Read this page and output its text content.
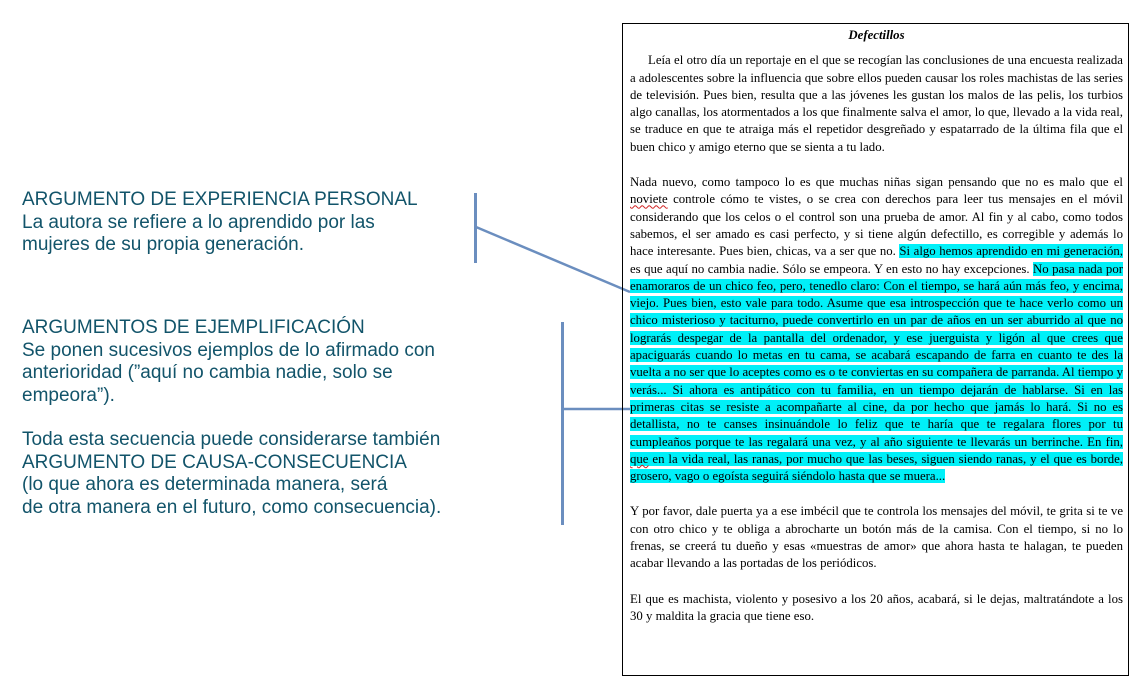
ARGUMENTO DE EXPERIENCIA PERSONAL
La autora se refiere a lo aprendido por las
mujeres de su propia generación.
ARGUMENTOS DE EJEMPLIFICACIÓN
Se ponen sucesivos ejemplos de lo afirmado con
anterioridad (”aquí no cambia nadie, solo se
empeora”).
Toda esta secuencia puede considerarse también
ARGUMENTO DE CAUSA-CONSECUENCIA
(lo que ahora es determinada manera, será
de otra manera en el futuro, como consecuencia).
Defectillos

Leía el otro día un reportaje en el que se recogían las conclusiones de una encuesta realizada a adolescentes sobre la influencia que sobre ellos pueden causar los roles machistas de las series de televisión. Pues bien, resulta que a las jóvenes les gustan los malos de las pelis, los turbios algo canallas, los atormentados a los que finalmente salva el amor, lo que, llevado a la vida real, se traduce en que te atraiga más el repetidor desgreñado y espatarrado de la última fila que el buen chico y amigo eterno que se sienta a tu lado.

Nada nuevo, como tampoco lo es que muchas niñas sigan pensando que no es malo que el noviete controle cómo te vistes, o se crea con derechos para leer tus mensajes en el móvil considerando que los celos o el control son una prueba de amor. Al fin y al cabo, como todos sabemos, el ser amado es casi perfecto, y si tiene algún defectillo, es corregible y además lo hace interesante. Pues bien, chicas, va a ser que no. Si algo hemos aprendido en mi generación, es que aquí no cambia nadie. Sólo se empeora. Y en esto no hay excepciones. No pasa nada por enamoraros de un chico feo, pero, tenedlo claro: Con el tiempo, se hará aún más feo, y encima, viejo. Pues bien, esto vale para todo. Asume que esa introspección que te hace verlo como un chico misterioso y taciturno, puede convertirlo en un par de años en un ser aburrido al que no lograrás despegar de la pantalla del ordenador, y ese juerguista y ligón al que crees que apaciguarás cuando lo metas en tu cama, se acabará escapando de farra en cuanto te des la vuelta a no ser que lo aceptes como es o te conviertas en su compañera de parranda. Al tiempo y verás... Si ahora es antipático con tu familia, en un tiempo dejarán de hablarse. Si en las primeras citas se resiste a acompañarte al cine, da por hecho que jamás lo hará. Si no es detallista, no te canses insinuándole lo feliz que te haría que te regalara flores por tu cumpleaños porque te las regalará una vez, y al año siguiente te llevarás un berrinche. En fin, que en la vida real, las ranas, por mucho que las beses, siguen siendo ranas, y el que es borde, grosero, vago o egoísta seguirá siéndolo hasta que se muera...

Y por favor, dale puerta ya a ese imbécil que te controla los mensajes del móvil, te grita si te ve con otro chico y te obliga a abrocharte un botón más de la camisa. Con el tiempo, si no lo frenas, se creerá tu dueño y esas «muestras de amor» que ahora hasta te halagan, te pueden acabar llevando a las portadas de los periódicos.

El que es machista, violento y posesivo a los 20 años, acabará, si le dejas, maltratándote a los 30 y maldita la gracia que tiene eso.
